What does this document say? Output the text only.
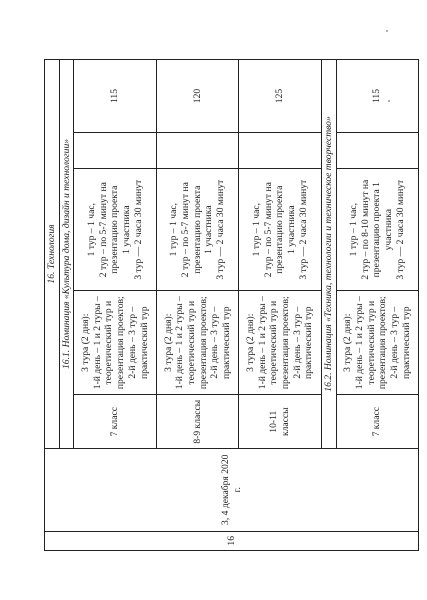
16	3, 4 декабря 2020 г.	16. Технология				
		16.1. Номинация «Культура дома, дизайн и технологии»				
		7 класс	3 тура (2 дня): 1-й день – 1 и 2 туры – теоретический тур и презентация проектов; 2-й день – 3 тур – практический тур	1 тур – 1 час, 2 тур – по 5-7 минут на презентацию проекта 1 участника 3 тур — 2 часа 30 минут		115
		8-9 классы	3 тура (2 дня): 1-й день – 1 и 2 туры – теоретический тур и презентация проектов; 2-й день – 3 тур – практический тур	1 тур – 1 час, 2 тур – по 5-7 минут на презентацию проекта 1 участника 3 тур — 2 часа 30 минут		120
		10-11 классы	3 тура (2 дня): 1-й день – 1 и 2 туры – теоретический тур и презентация проектов; 2-й день – 3 тур – практический тур	1 тур – 1 час, 2 тур – по 5-7 минут на презентацию проекта 1 участника 3 тур — 2 часа 30 минут		125
		16.2. Номинация «Техника, технологии и техническое творчество»				
		7 класс	3 тура (2 дня): 1-й день – 1 и 2 туры – теоретический тур и презентация проектов; 2-й день – 3 тур – практический тур	1 тур – 1 час, 2 тур – по 8-10 минут на презентацию проекта 1 участника 3 тур — 2 часа 30 минут		115
